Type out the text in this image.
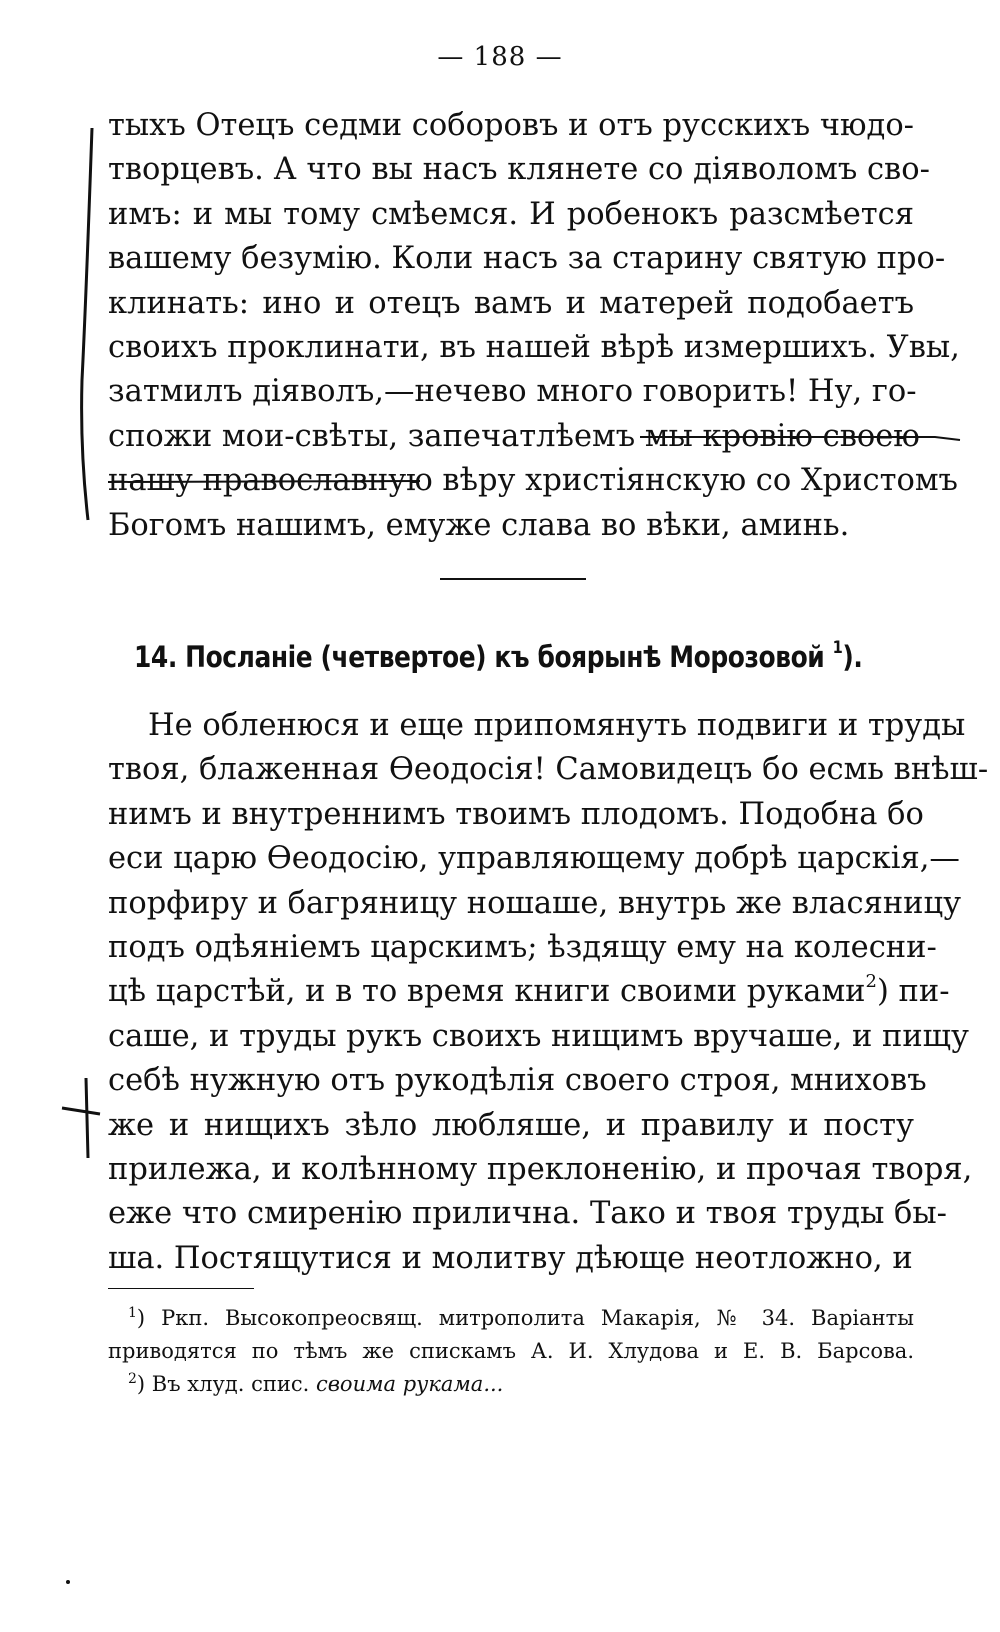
— 188 —
тыхъ Отецъ седми соборовъ и отъ русскихъ чюдо-
творцевъ. А что вы насъ клянете со дiяволомъ сво-
имъ: и мы тому смѣемся. И робенокъ разсмѣется
вашему безумiю. Коли насъ за старину святую про-
клинать: ино и отецъ вамъ и матерей подобаетъ
своихъ проклинати, въ нашей вѣрѣ измершихъ. Увы,
затмилъ дiяволъ,—нечево много говорить! Ну, го-
спожи мои-свѣты, запечатлѣемъ мы кровiю своею
нашу православную вѣру христiянскую со Христомъ
Богомъ нашимъ, емуже слава во вѣки, аминь.
14. Посланiе (четвертое) къ боярынѣ Морозовой $^1$).
Не обленюся и еще припомянуть подвиги и труды
твоя, блаженная Ѳеодосiя! Самовидецъ бо есмь внѣш-
нимъ и внутреннимъ твоимъ плодомъ. Подобна бо
еси царю Ѳеодосiю, управляющему добрѣ царскiя,—
порфиру и багряницу ношаше, внутрь же власяницу
подъ одѣянiемъ царскимъ; ѣздящу ему на колесни-
цѣ царстѣй, и в то время книги своими руками$^2$) пи-
саше, и труды рукъ своихъ нищимъ вручаше, и пищу
себѣ нужную отъ рукодѣлiя своего строя, мниховъ
же и нищихъ зѣло любляше, и правилу и посту
прилежа, и колѣнному преклоненiю, и прочая творя,
еже что смиренiю прилична. Тако и твоя труды бы-
ша. Постящутися и молитву дѣюще неотложно, и
$^1$) Ркп. Высокопреосвящ. митрополита Макарiя, № 34. Варiанты
приводятся по тѣмъ же спискамъ А. И. Хлудова и Е. В. Барсова.
$^2$) Въ хлуд. спис. своима рукама...
